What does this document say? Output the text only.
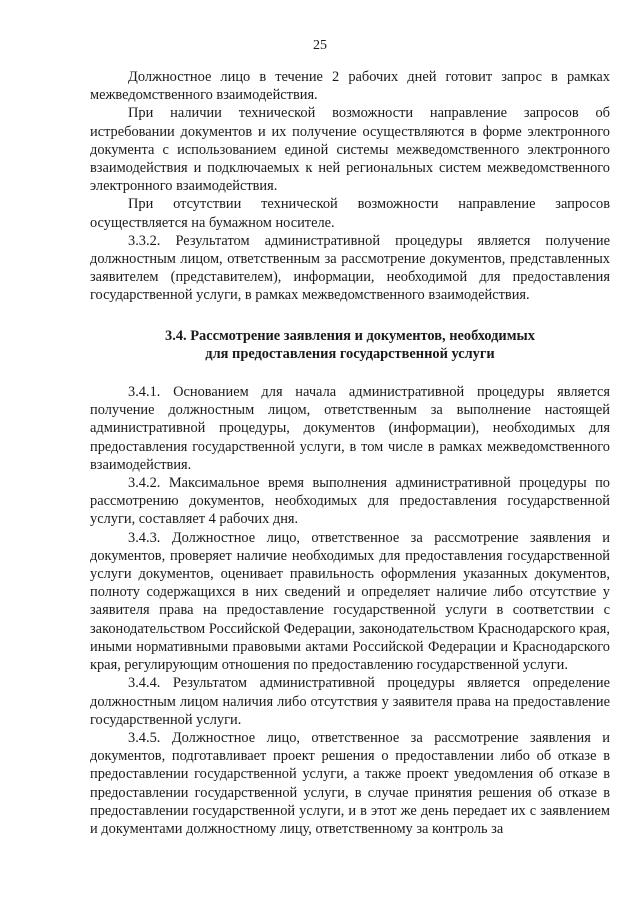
25

Должностное лицо в течение 2 рабочих дней готовит запрос в рамках межведомственного взаимодействия.

При наличии технической возможности направление запросов об истребовании документов и их получение осуществляются в форме электронного документа с использованием единой системы межведомственного электронного взаимодействия и подключаемых к ней региональных систем межведомственного электронного взаимодействия.

При отсутствии технической возможности направление запросов осуществляется на бумажном носителе.

3.3.2. Результатом административной процедуры является получение должностным лицом, ответственным за рассмотрение документов, представленных заявителем (представителем), информации, необходимой для предоставления государственной услуги, в рамках межведомственного взаимодействия.

3.4. Рассмотрение заявления и документов, необходимых
для предоставления государственной услуги

3.4.1. Основанием для начала административной процедуры является получение должностным лицом, ответственным за выполнение настоящей административной процедуры, документов (информации), необходимых для предоставления государственной услуги, в том числе в рамках межведомственного взаимодействия.

3.4.2. Максимальное время выполнения административной процедуры по рассмотрению документов, необходимых для предоставления государственной услуги, составляет 4 рабочих дня.

3.4.3. Должностное лицо, ответственное за рассмотрение заявления и документов, проверяет наличие необходимых для предоставления государственной услуги документов, оценивает правильность оформления указанных документов, полноту содержащихся в них сведений и определяет наличие либо отсутствие у заявителя права на предоставление государственной услуги в соответствии с законодательством Российской Федерации, законодательством Краснодарского края, иными нормативными правовыми актами Российской Федерации и Краснодарского края, регулирующим отношения по предоставлению государственной услуги.

3.4.4. Результатом административной процедуры является определение должностным лицом наличия либо отсутствия у заявителя права на предоставление государственной услуги.

3.4.5. Должностное лицо, ответственное за рассмотрение заявления и документов, подготавливает проект решения о предоставлении либо об отказе в предоставлении государственной услуги, а также проект уведомления об отказе в предоставлении государственной услуги, в случае принятия решения об отказе в предоставлении государственной услуги, и в этот же день передает их с заявлением и документами должностному лицу, ответственному за контроль за
